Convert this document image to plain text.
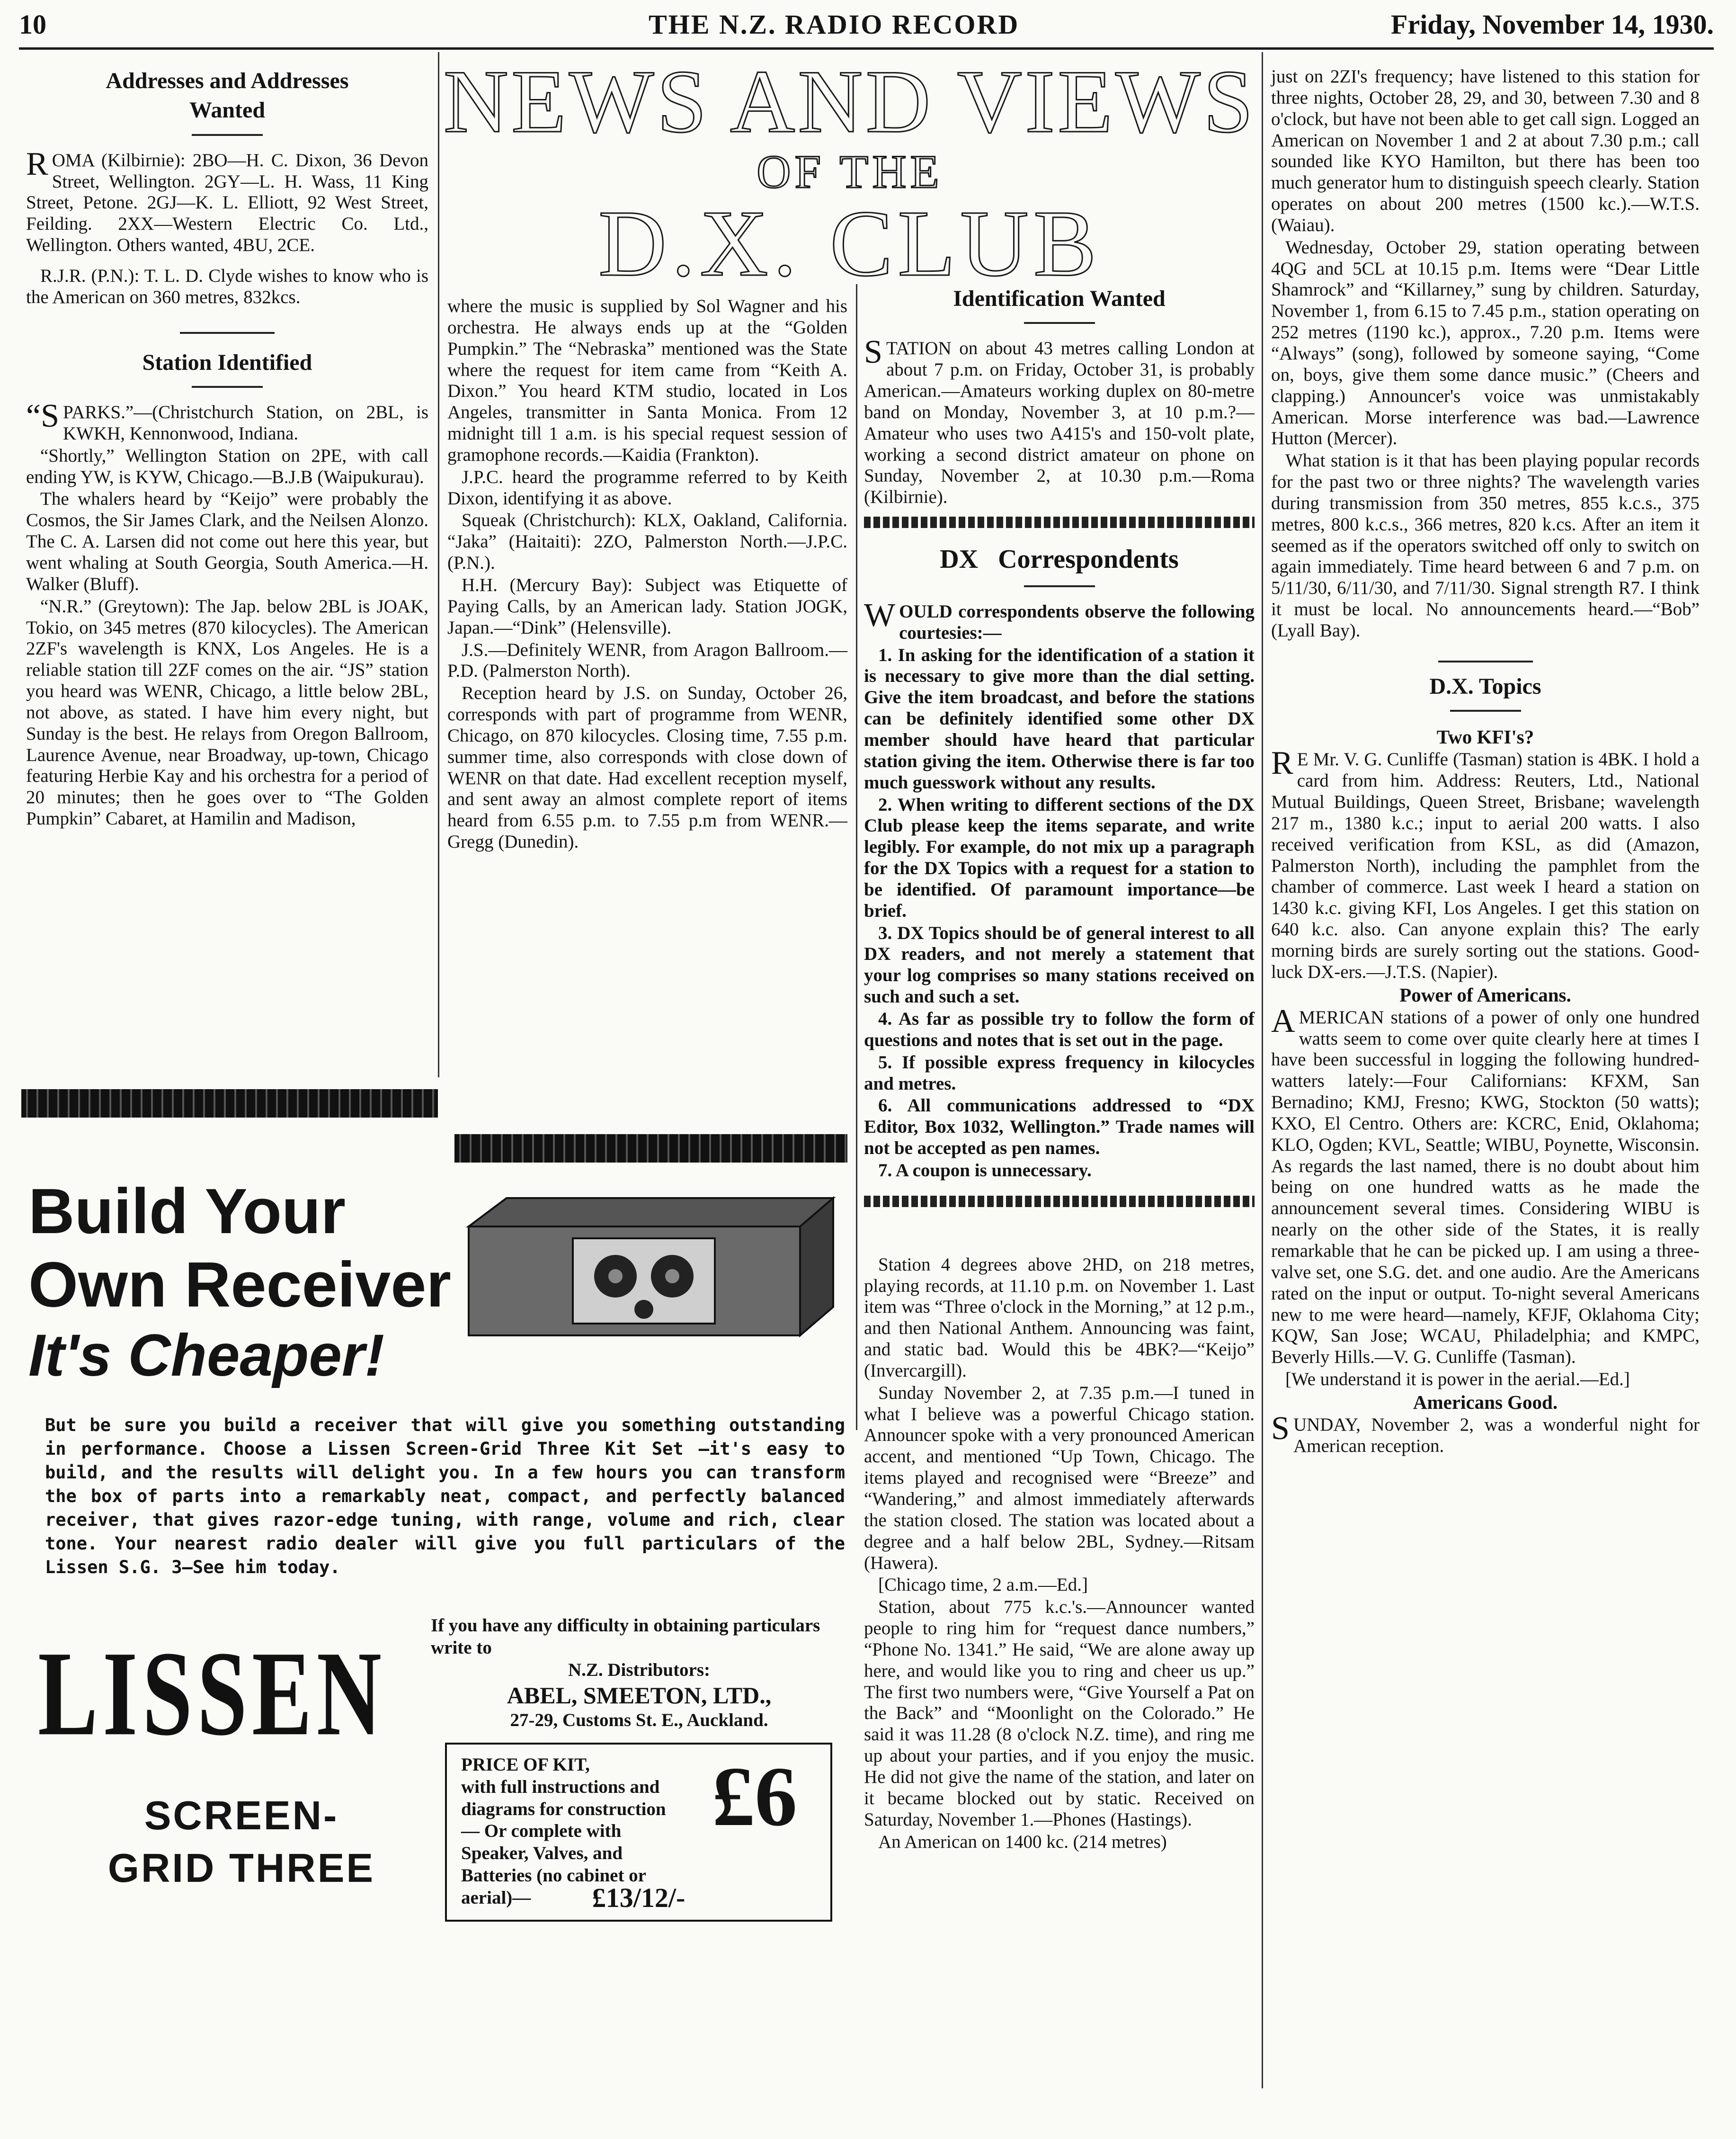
10	THE N.Z. RADIO RECORD	Friday, November 14, 1930.
NEWS AND VIEWS
OF THE
D.X. CLUB

Addresses and Addresses
Wanted

ROMA (Kilbirnie): 2BO—H. C. Dixon, 36 Devon Street, Wellington. 2GY—L. H. Wass, 11 King Street, Petone. 2GJ—K. L. Elliott, 92 West Street, Feilding. 2XX—Western Electric Co. Ltd., Wellington. Others wanted, 4BU, 2CE.

R.J.R. (P.N.): T. L. D. Clyde wishes to know who is the American on 360 metres, 832kcs.

Station Identified

“SPARKS.”—(Christchurch Station, on 2BL, is KWKH, Kennonwood, Indiana.

“Shortly,” Wellington Station on 2PE, with call ending YW, is KYW, Chicago.—B.J.B (Waipukurau).

The whalers heard by “Keijo” were probably the Cosmos, the Sir James Clark, and the Neilsen Alonzo. The C. A. Larsen did not come out here this year, but went whaling at South Georgia, South America.—H. Walker (Bluff).

“N.R.” (Greytown): The Jap. below 2BL is JOAK, Tokio, on 345 metres (870 kilocycles). The American 2ZF's wavelength is KNX, Los Angeles. He is a reliable station till 2ZF comes on the air. “JS” station you heard was WENR, Chicago, a little below 2BL, not above, as stated. I have him every night, but Sunday is the best. He relays from Oregon Ballroom, Laurence Avenue, near Broadway, up-town, Chicago featuring Herbie Kay and his orchestra for a period of 20 minutes; then he goes over to “The Golden Pumpkin” Cabaret, at Hamilin and Madison,

where the music is supplied by Sol Wagner and his orchestra. He always ends up at the “Golden Pumpkin.” The “Nebraska” mentioned was the State where the request for item came from “Keith A. Dixon.” You heard KTM studio, located in Los Angeles, transmitter in Santa Monica. From 12 midnight till 1 a.m. is his special request session of gramophone records.—Kaidia (Frankton).

J.P.C. heard the programme referred to by Keith Dixon, identifying it as above.

Squeak (Christchurch): KLX, Oakland, California. “Jaka” (Haitaiti): 2ZO, Palmerston North.—J.P.C. (P.N.).

H.H. (Mercury Bay): Subject was Etiquette of Paying Calls, by an American lady. Station JOGK, Japan.—“Dink” (Helensville).

J.S.—Definitely WENR, from Aragon Ballroom.—P.D. (Palmerston North).

Reception heard by J.S. on Sunday, October 26, corresponds with part of programme from WENR, Chicago, on 870 kilocycles. Closing time, 7.55 p.m. summer time, also corresponds with close down of WENR on that date. Had excellent reception myself, and sent away an almost complete report of items heard from 6.55 p.m. to 7.55 p.m from WENR.—Gregg (Dunedin).

Identification Wanted

STATION on about 43 metres calling London at about 7 p.m. on Friday, October 31, is probably American.—Amateurs working duplex on 80-metre band on Monday, November 3, at 10 p.m.?—Amateur who uses two A415's and 150-volt plate, working a second district amateur on phone on Sunday, November 2, at 10.30 p.m.—Roma (Kilbirnie).

DX Correspondents

WOULD correspondents observe the following courtesies:—

1. In asking for the identification of a station it is necessary to give more than the dial setting. Give the item broadcast, and before the stations can be definitely identified some other DX member should have heard that particular station giving the item. Otherwise there is far too much guesswork without any results.

2. When writing to different sections of the DX Club please keep the items separate, and write legibly. For example, do not mix up a paragraph for the DX Topics with a request for a station to be identified. Of paramount importance—be brief.

3. DX Topics should be of general interest to all DX readers, and not merely a statement that your log comprises so many stations received on such and such a set.

4. As far as possible try to follow the form of questions and notes that is set out in the page.

5. If possible express frequency in kilocycles and metres.

6. All communications addressed to “DX Editor, Box 1032, Wellington.” Trade names will not be accepted as pen names.

7. A coupon is unnecessary.

Station 4 degrees above 2HD, on 218 metres, playing records, at 11.10 p.m. on November 1. Last item was “Three o'clock in the Morning,” at 12 p.m., and then National Anthem. Announcing was faint, and static bad. Would this be 4BK?—“Keijo” (Invercargill).

Sunday November 2, at 7.35 p.m.—I tuned in what I believe was a powerful Chicago station. Announcer spoke with a very pronounced American accent, and mentioned “Up Town, Chicago. The items played and recognised were “Breeze” and “Wandering,” and almost immediately afterwards the station closed. The station was located about a degree and a half below 2BL, Sydney.—Ritsam (Hawera).

[Chicago time, 2 a.m.—Ed.]

Station, about 775 k.c.'s.—Announcer wanted people to ring him for “request dance numbers,” “Phone No. 1341.” He said, “We are alone away up here, and would like you to ring and cheer us up.” The first two numbers were, “Give Yourself a Pat on the Back” and “Moonlight on the Colorado.” He said it was 11.28 (8 o'clock N.Z. time), and ring me up about your parties, and if you enjoy the music. He did not give the name of the station, and later on it became blocked out by static. Received on Saturday, November 1.—Phones (Hastings).

An American on 1400 kc. (214 metres)

just on 2ZI's frequency; have listened to this station for three nights, October 28, 29, and 30, between 7.30 and 8 o'clock, but have not been able to get call sign. Logged an American on November 1 and 2 at about 7.30 p.m.; call sounded like KYO Hamilton, but there has been too much generator hum to distinguish speech clearly. Station operates on about 200 metres (1500 kc.).—W.T.S. (Waiau).

Wednesday, October 29, station operating between 4QG and 5CL at 10.15 p.m. Items were “Dear Little Shamrock” and “Killarney,” sung by children. Saturday, November 1, from 6.15 to 7.45 p.m., station operating on 252 metres (1190 kc.), approx., 7.20 p.m. Items were “Always” (song), followed by someone saying, “Come on, boys, give them some dance music.” (Cheers and clapping.) Announcer's voice was unmistakably American. Morse interference was bad.—Lawrence Hutton (Mercer).

What station is it that has been playing popular records for the past two or three nights? The wavelength varies during transmission from 350 metres, 855 k.c.s., 375 metres, 800 k.c.s., 366 metres, 820 k.cs. After an item it seemed as if the operators switched off only to switch on again immediately. Time heard between 6 and 7 p.m. on 5/11/30, 6/11/30, and 7/11/30. Signal strength R7. I think it must be local. No announcements heard.—“Bob” (Lyall Bay).

D.X. Topics

Two KFI's?

R E Mr. V. G. Cunliffe (Tasman) station is 4BK. I hold a card from him. Address: Reuters, Ltd., National Mutual Buildings, Queen Street, Brisbane; wavelength 217 m., 1380 k.c.; input to aerial 200 watts. I also received verification from KSL, as did (Amazon, Palmerston North), including the pamphlet from the chamber of commerce. Last week I heard a station on 1430 k.c. giving KFI, Los Angeles. I get this station on 640 k.c. also. Can anyone explain this? The early morning birds are surely sorting out the stations. Good-luck DX-ers.—J.T.S. (Napier).

Power of Americans.

AMERICAN stations of a power of only one hundred watts seem to come over quite clearly here at times I have been successful in logging the following hundred-watters lately:—Four Californians: KFXM, San Bernadino; KMJ, Fresno; KWG, Stockton (50 watts); KXO, El Centro. Others are: KCRC, Enid, Oklahoma; KLO, Ogden; KVL, Seattle; WIBU, Poynette, Wisconsin. As regards the last named, there is no doubt about him being on one hundred watts as he made the announcement several times. Considering WIBU is nearly on the other side of the States, it is really remarkable that he can be picked up. I am using a three-valve set, one S.G. det. and one audio. Are the Americans rated on the input or output. To-night several Americans new to me were heard—namely, KFJF, Oklahoma City; KQW, San Jose; WCAU, Philadelphia; and KMPC, Beverly Hills.—V. G. Cunliffe (Tasman).

[We understand it is power in the aerial.—Ed.]

Americans Good.

SUNDAY, November 2, was a wonderful night for American reception.

Build Your
Own Receiver
It's Cheaper!
But be sure you build a receiver that will give you something outstanding in performance. Choose a Lissen Screen-Grid Three Kit Set —it's easy to build, and the results will delight you. In a few hours you can transform the box of parts into a remarkably neat, compact, and perfectly balanced receiver, that gives razor-edge tuning, with range, volume and rich, clear tone. Your nearest radio dealer will give you full particulars of the Lissen S.G. 3—See him today.
LISSEN
SCREEN-
GRID THREE
If you have any difficulty in obtaining particulars write to
N.Z. Distributors:
ABEL, SMEETON, LTD.,
27-29, Customs St. E., Auckland.
PRICE OF KIT,
with full instructions and diagrams for construction— Or complete with Speaker, Valves, and Batteries (no cabinet or aerial)—
£6
£13/12/-
